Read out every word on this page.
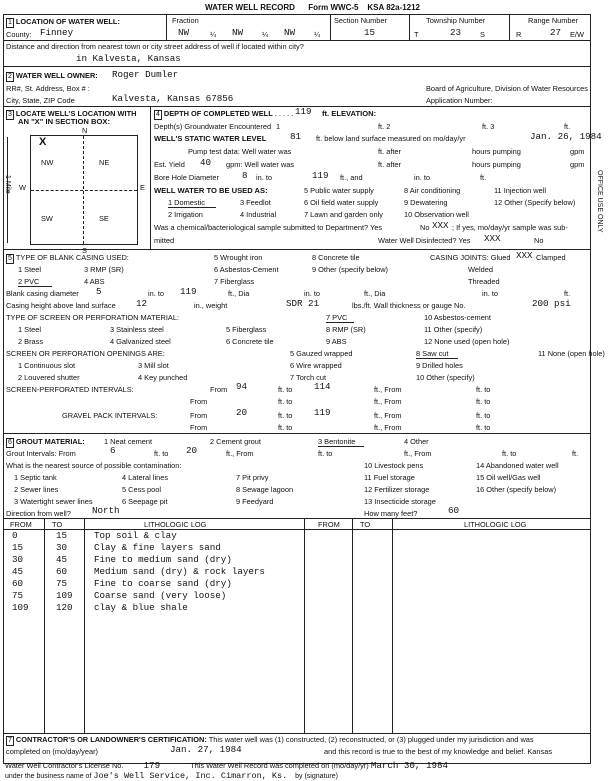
WATER WELL RECORD Form WWC-5 KSA 82a-1212
1 LOCATION OF WATER WELL:	Fraction	Section Number	Township Number	Range Number
County: Finney	NW	¼ NW	¼ NW	¼	15	T	23	S	R	27 E/W
Distance and direction from nearest town or city street address of well if located within city?
in Kalvesta, Kansas
2 WATER WELL OWNER: Roger Dumler
RR#, St. Address, Box # :	Board of Agriculture, Division of Water Resources
City, State, ZIP Code	Kalvesta, Kansas 67856	Application Number:
3 LOCATE WELL'S LOCATION WITH
AN "X" IN SECTION BOX:
N
S
W	E
NW	NE
SW	SE
X
1 Mile
4 DEPTH OF COMPLETED WELL . . . . . 119 ft. ELEVATION:
Depth(s) Groundwater Encountered 1	ft. 2	ft. 3	ft.
WELL'S STATIC WATER LEVEL	81 ft. below land surface measured on mo/day/yr	Jan. 26, 1984
Pump test data: Well water was	ft. after	hours pumping	gpm
Est. Yield 40 gpm: Well water was	ft. after	hours pumping	gpm
Bore Hole Diameter	8 in. to	119 ft., and	in. to	ft.
WELL WATER TO BE USED AS:	5 Public water supply	8 Air conditioning	11 Injection well
1 Domestic	3 Feedlot	6 Oil field water supply	9 Dewatering	12 Other (Specify below)
2 Irrigation	4 Industrial	7 Lawn and garden only	10 Observation well
Was a chemical/bacteriological sample submitted to Department? Yes	No XXX ; If yes, mo/day/yr sample was sub-
mitted	Water Well Disinfected? Yes XXX	No
5 TYPE OF BLANK CASING USED:	5 Wrought iron	8 Concrete tile	CASING JOINTS: Glued XXX Clamped
1 Steel	3 RMP (SR)	6 Asbestos-Cement	9 Other (specify below)	Welded
2 PVC	4 ABS	7 Fiberglass	Threaded
Blank casing diameter 5	in. to 119	ft., Dia	in. to	ft., Dia	in. to	ft.
Casing height above land surface 12	in., weight	SDR 21	lbs./ft. Wall thickness or gauge No.	200 psi
TYPE OF SCREEN OR PERFORATION MATERIAL:	7 PVC	10 Asbestos-cement
1 Steel	3 Stainless steel	5 Fiberglass	8 RMP (SR)	11 Other (specify)
2 Brass	4 Galvanized steel	6 Concrete tile	9 ABS	12 None used (open hole)
SCREEN OR PERFORATION OPENINGS ARE:	5 Gauzed wrapped	8 Saw cut	11 None (open hole)
1 Continuous slot	3 Mill slot	6 Wire wrapped	9 Drilled holes
2 Louvered shutter	4 Key punched	7 Torch cut	10 Other (specify)
SCREEN-PERFORATED INTERVALS:
From
From 94	ft. to 114	ft., From	ft. to
ft. to	ft., From	ft. to
GRAVEL PACK INTERVALS:	From	20	ft. to 119	ft., From	ft. to
From	ft. to	ft., From	ft. to
6 GROUT MATERIAL:	1 Neat cement	2 Cement grout	3 Bentonite	4 Other
Grout Intervals: From	6	ft. to 20	ft., From	ft. to	ft., From	ft. to	ft.
What is the nearest source of possible contamination:	10 Livestock pens	14 Abandoned water well
1 Septic tank	4 Lateral lines	7 Pit privy	11 Fuel storage	15 Oil well/Gas well
2 Sewer lines	5 Cess pool	8 Sewage lagoon	12 Fertilizer storage	16 Other (specify below)
3 Watertight sewer lines	6 Seepage pit	9 Feedyard	13 Insecticide storage
Direction from well? North	How many feet?	60
FROM	TO	LITHOLOGIC LOG	FROM	TO	LITHOLOGIC LOG
0	15	Top soil & clay
15	30	Clay & fine layers sand
30	45	Fine to medium sand (dry)
45	60	Medium sand (dry) & rock layers
60	75	Fine to coarse sand (dry)
75	109 Coarse sand (very loose)
109	120 clay & blue shale
7 CONTRACTOR'S OR LANDOWNER'S CERTIFICATION: This water well was (1) constructed, (2) reconstructed, or (3) plugged under my jurisdiction and was
completed on (mo/day/year)	Jan. 27, 1984	and this record is true to the best of my knowledge and belief. Kansas
Water Well Contractor's License No. 179	This Water Well Record was completed on (mo/day/yr) March 30, 1984
under the business name of Joe's Well Service, Inc. Cimarron, Ks. by (signature)
OFFICE USE ONLY
